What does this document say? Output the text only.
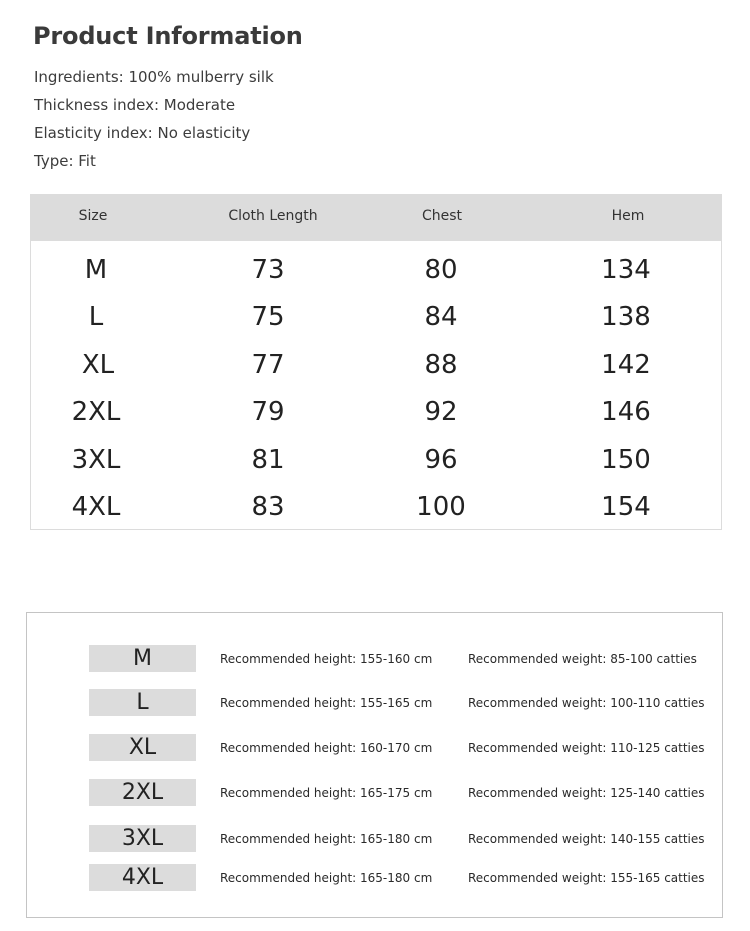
Product Information
Ingredients: 100% mulberry silk
Thickness index: Moderate
Elasticity index: No elasticity
Type: Fit
Size	Cloth Length	Chest	Hem
M	73	80	134
L	75	84	138
XL	77	88	142
2XL	79	92	146
3XL	81	96	150
4XL	83	100	154
M	Recommended height: 155-160 cm	Recommended weight: 85-100 catties
L	Recommended height: 155-165 cm	Recommended weight: 100-110 catties
XL	Recommended height: 160-170 cm	Recommended weight: 110-125 catties
2XL	Recommended height: 165-175 cm	Recommended weight: 125-140 catties
3XL	Recommended height: 165-180 cm	Recommended weight: 140-155 catties
4XL	Recommended height: 165-180 cm	Recommended weight: 155-165 catties
